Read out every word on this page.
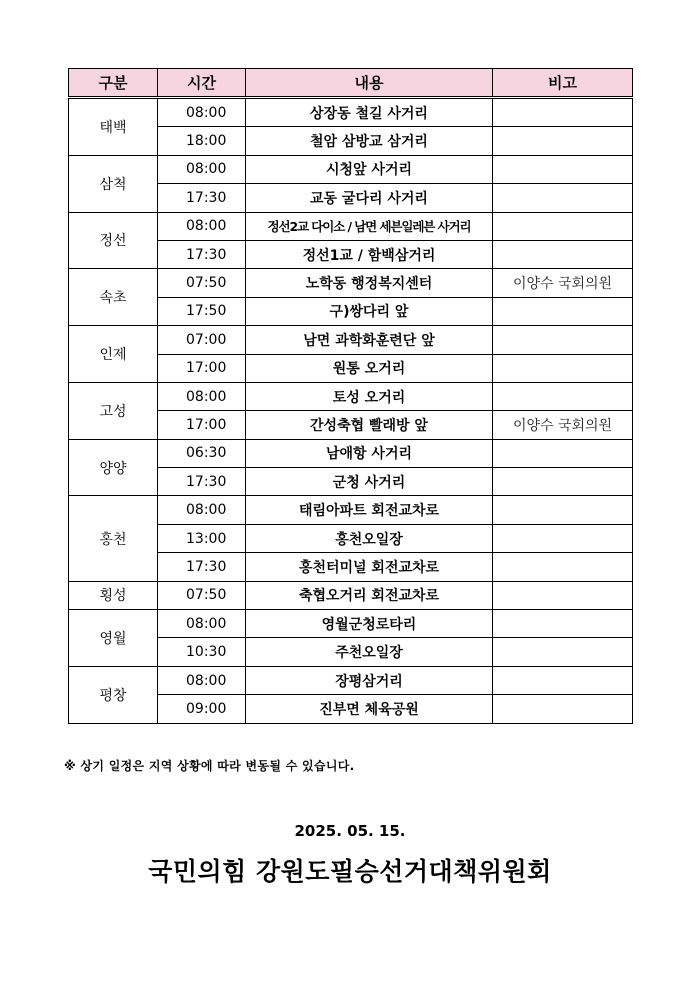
구분	시간	내용	비고
태백	08:00	상장동 철길 사거리	
	18:00	철암 삼방교 삼거리	
삼척	08:00	시청앞 사거리	
	17:30	교동 굴다리 사거리	
정선	08:00	정선2교 다이소 / 남면 세븐일레븐 사거리	
	17:30	정선1교 / 함백삼거리	
속초	07:50	노학동 행정복지센터	이양수 국회의원
	17:50	구)쌍다리 앞	
인제	07:00	남면 과학화훈련단 앞	
	17:00	원통 오거리	
고성	08:00	토성 오거리	
	17:00	간성축협 빨래방 앞	이양수 국회의원
양양	06:30	남애항 사거리	
	17:30	군청 사거리	
홍천	08:00	태림아파트 회전교차로	
	13:00	홍천오일장	
	17:30	홍천터미널 회전교차로	
횡성	07:50	축협오거리 회전교차로	
영월	08:00	영월군청로타리	
	10:30	주천오일장	
평창	08:00	장평삼거리	
	09:00	진부면 체육공원	
※ 상기 일정은 지역 상황에 따라 변동될 수 있습니다.
2025. 05. 15.
국민의힘 강원도필승선거대책위원회
